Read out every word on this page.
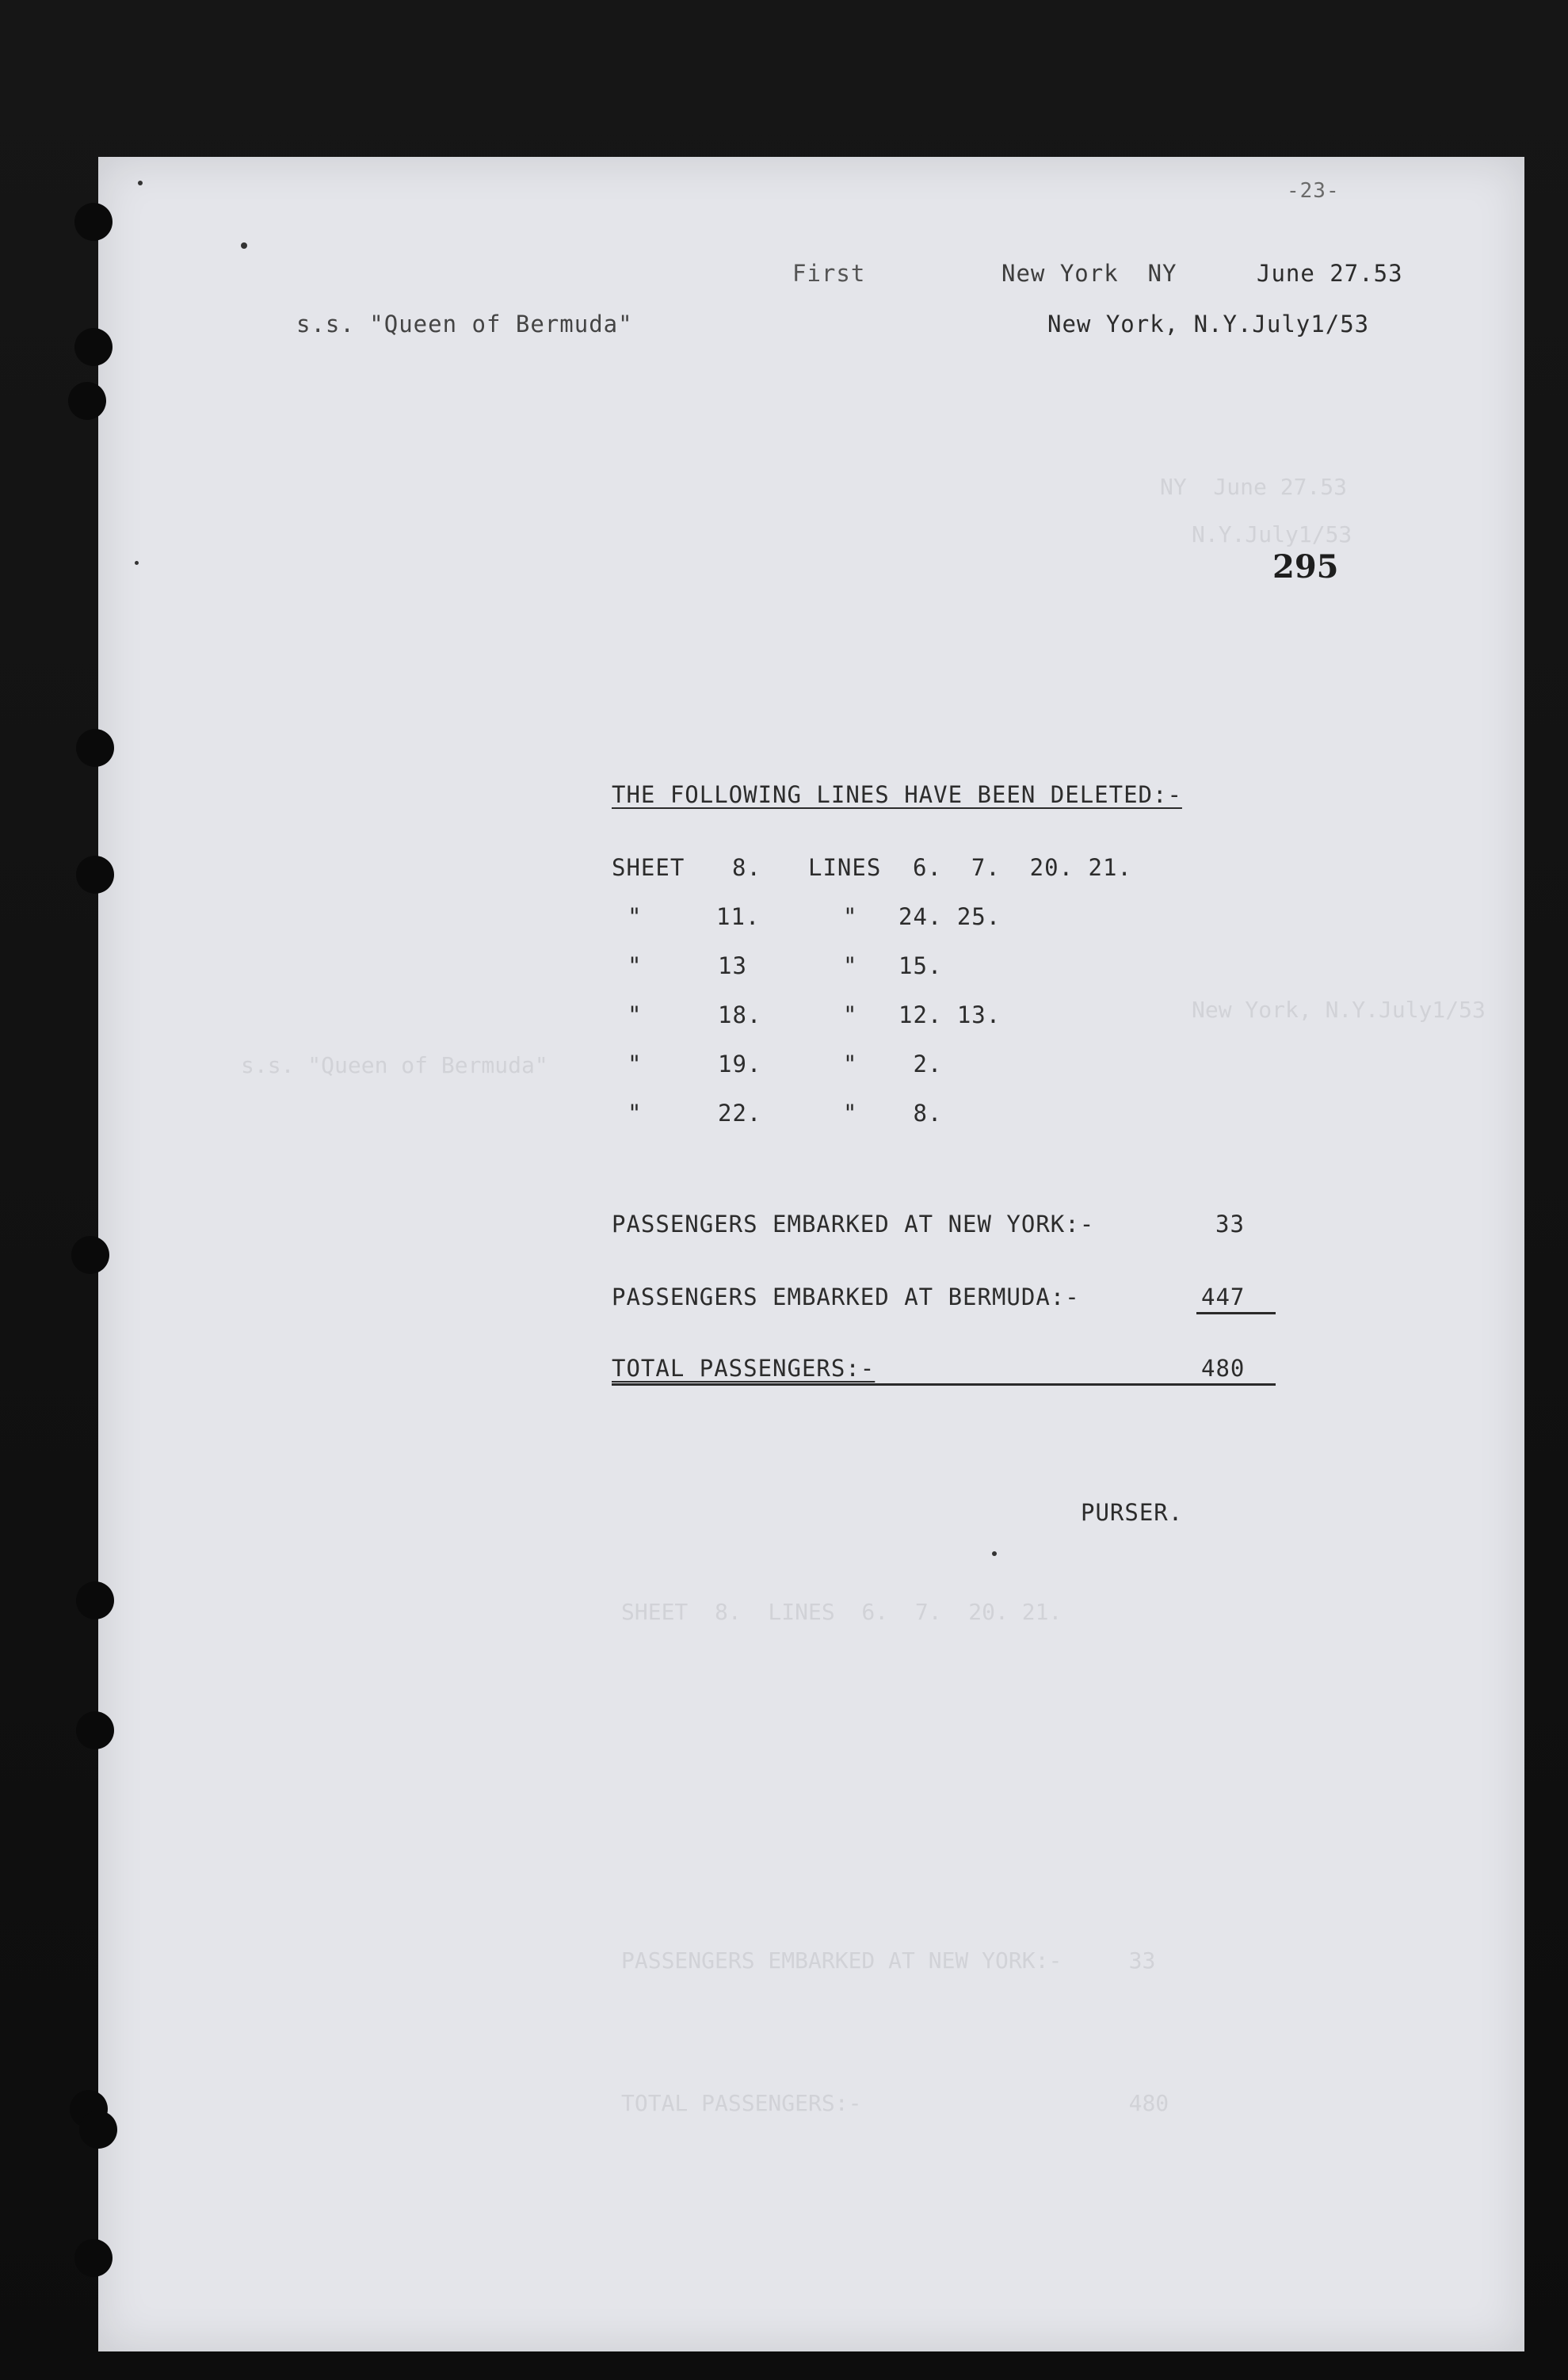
NY  June 27.53
N.Y.July1/53
New York, N.Y.July1/53
s.s. "Queen of Bermuda"
SHEET  8.  LINES  6.  7.  20. 21.
PASSENGERS EMBARKED AT NEW YORK:-     33
TOTAL PASSENGERS:-                    480
-23-
First	New York  NY	June 27.53
s.s. "Queen of Bermuda"	New York, N.Y.July1/53
295
THE FOLLOWING LINES HAVE BEEN DELETED:-
SHEET 8. LINES 6.  7.  20. 21.
"	11.	" 24. 25.
"	13	" 15.
"	18.	" 12. 13.
"	19.	" 2.
"	22.	" 8.
PASSENGERS EMBARKED AT NEW YORK:-	33
PASSENGERS EMBARKED AT BERMUDA:-	447
TOTAL PASSENGERS:-	480
PURSER.
